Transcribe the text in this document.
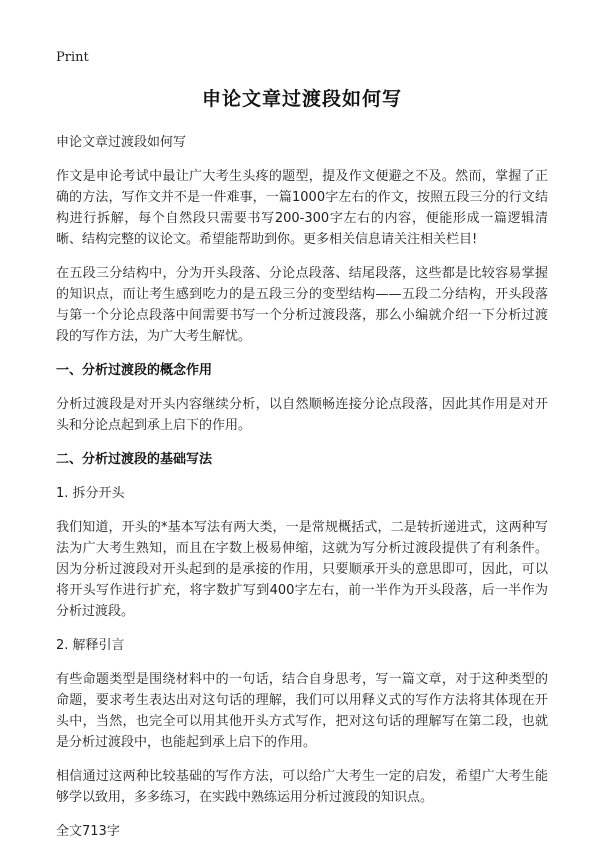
Print
申论文章过渡段如何写

申论文章过渡段如何写

作文是申论考试中最让广大考生头疼的题型，提及作文便避之不及。然而，掌握了正确的方法，写作文并不是一件难事，一篇1000字左右的作文，按照五段三分的行文结构进行拆解，每个自然段只需要书写200-300字左右的内容，便能形成一篇逻辑清晰、结构完整的议论文。希望能帮助到你。更多相关信息请关注相关栏目!

在五段三分结构中，分为开头段落、分论点段落、结尾段落，这些都是比较容易掌握的知识点，而让考生感到吃力的是五段三分的变型结构——五段二分结构，开头段落与第一个分论点段落中间需要书写一个分析过渡段落，那么小编就介绍一下分析过渡段的写作方法，为广大考生解忧。

一、分析过渡段的概念作用

分析过渡段是对开头内容继续分析，以自然顺畅连接分论点段落，因此其作用是对开头和分论点起到承上启下的作用。

二、分析过渡段的基础写法

1. 拆分开头

我们知道，开头的*基本写法有两大类，一是常规概括式，二是转折递进式，这两种写法为广大考生熟知，而且在字数上极易伸缩，这就为写分析过渡段提供了有利条件。因为分析过渡段对开头起到的是承接的作用，只要顺承开头的意思即可，因此，可以将开头写作进行扩充，将字数扩写到400字左右，前一半作为开头段落，后一半作为分析过渡段。

2. 解释引言

有些命题类型是围绕材料中的一句话，结合自身思考，写一篇文章，对于这种类型的命题，要求考生表达出对这句话的理解，我们可以用释义式的写作方法将其体现在开头中，当然，也完全可以用其他开头方式写作，把对这句话的理解写在第二段，也就是分析过渡段中，也能起到承上启下的作用。

相信通过这两种比较基础的写作方法，可以给广大考生一定的启发，希望广大考生能够学以致用，多多练习，在实践中熟练运用分析过渡段的知识点。

全文713字
